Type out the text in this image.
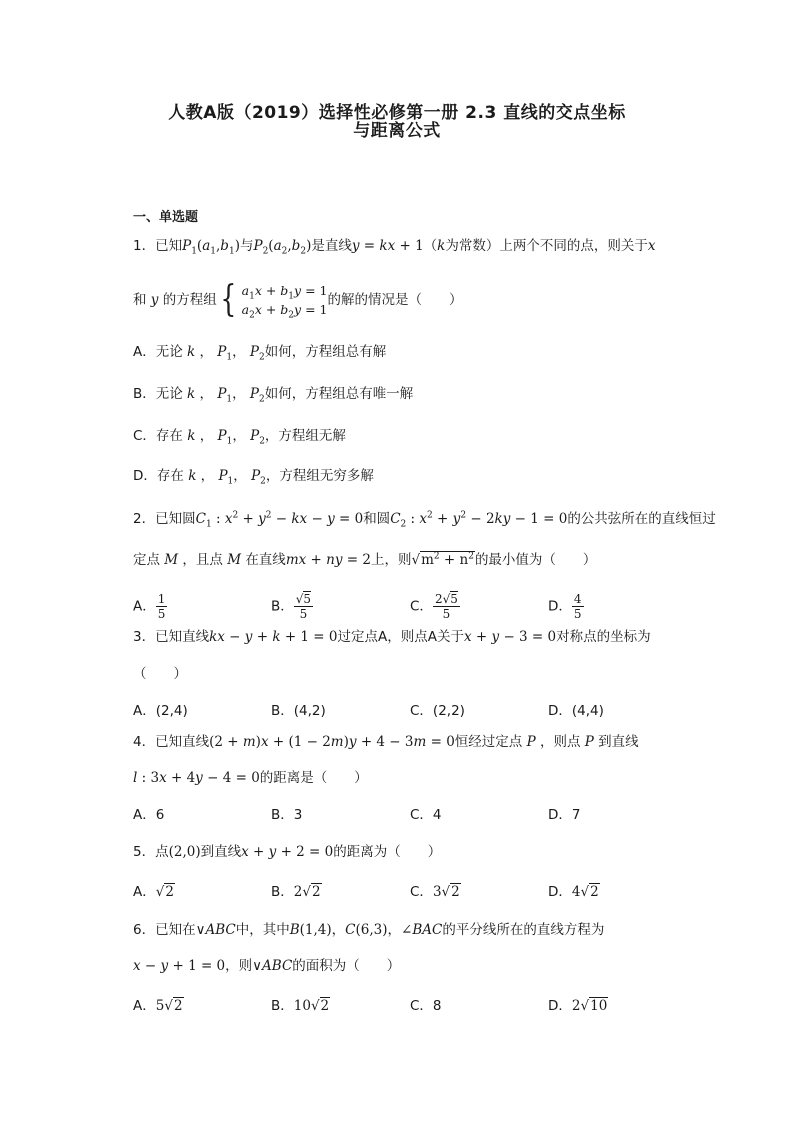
人教A版（2019）选择性必修第一册 2.3 直线的交点坐标
与距离公式
一、单选题
1．已知$P_1(a_1,b_1)$与$P_2(a_2,b_2)$是直线y = kx + 1（k为常数）上两个不同的点，则关于x
和 y 的方程组 { $a_1x + b_1y = 1$
$a_2x + b_2y = 1$
的解的情况是（　　）
A．无论 k ， $P_1$， $P_2$如何，方程组总有解
B．无论 k ， $P_1$， $P_2$如何，方程组总有唯一解
C．存在 k ， $P_1$， $P_2$，方程组无解
D．存在 k ， $P_1$， $P_2$，方程组无穷多解
2．已知圆$C_1$ : $x^2 + y^2$ − kx − y = 0和圆$C_2$ : $x^2 + y^2 - 2ky - 1 = 0$的公共弦所在的直线恒过
定点 M ，且点 M 在直线mx + ny = 2上，则$√m^2 + n^2$的最小值为（　　）
A． $\frac{1}{5}$	B． $\frac{√5}{5}$	C． $\frac{2√5}{5}$	D． $\frac{4}{5}$
3．已知直线kx − y + k + 1 = 0过定点A，则点A关于x + y − 3 = 0对称点的坐标为
（　　）
A．(2,4)	B．(4,2)	C．(2,2)	D．(4,4)
4．已知直线(2 + m)x + (1 − 2m)y + 4 − 3m = 0恒经过定点 P ，则点 P 到直线
l : 3x + 4y − 4 = 0的距离是（　　）
A．6	B．3	C．4	D．7
5．点(2,0)到直线x + y + 2 = 0的距离为（　　）
A．√2	B．2√2	C．3√2	D．4√2
6．已知在∨ABC中，其中B(1,4)，C(6,3)，∠BAC的平分线所在的直线方程为
x − y + 1 = 0，则∨ABC的面积为（　　）
A．5√2	B．10√2	C．8	D．2√10
